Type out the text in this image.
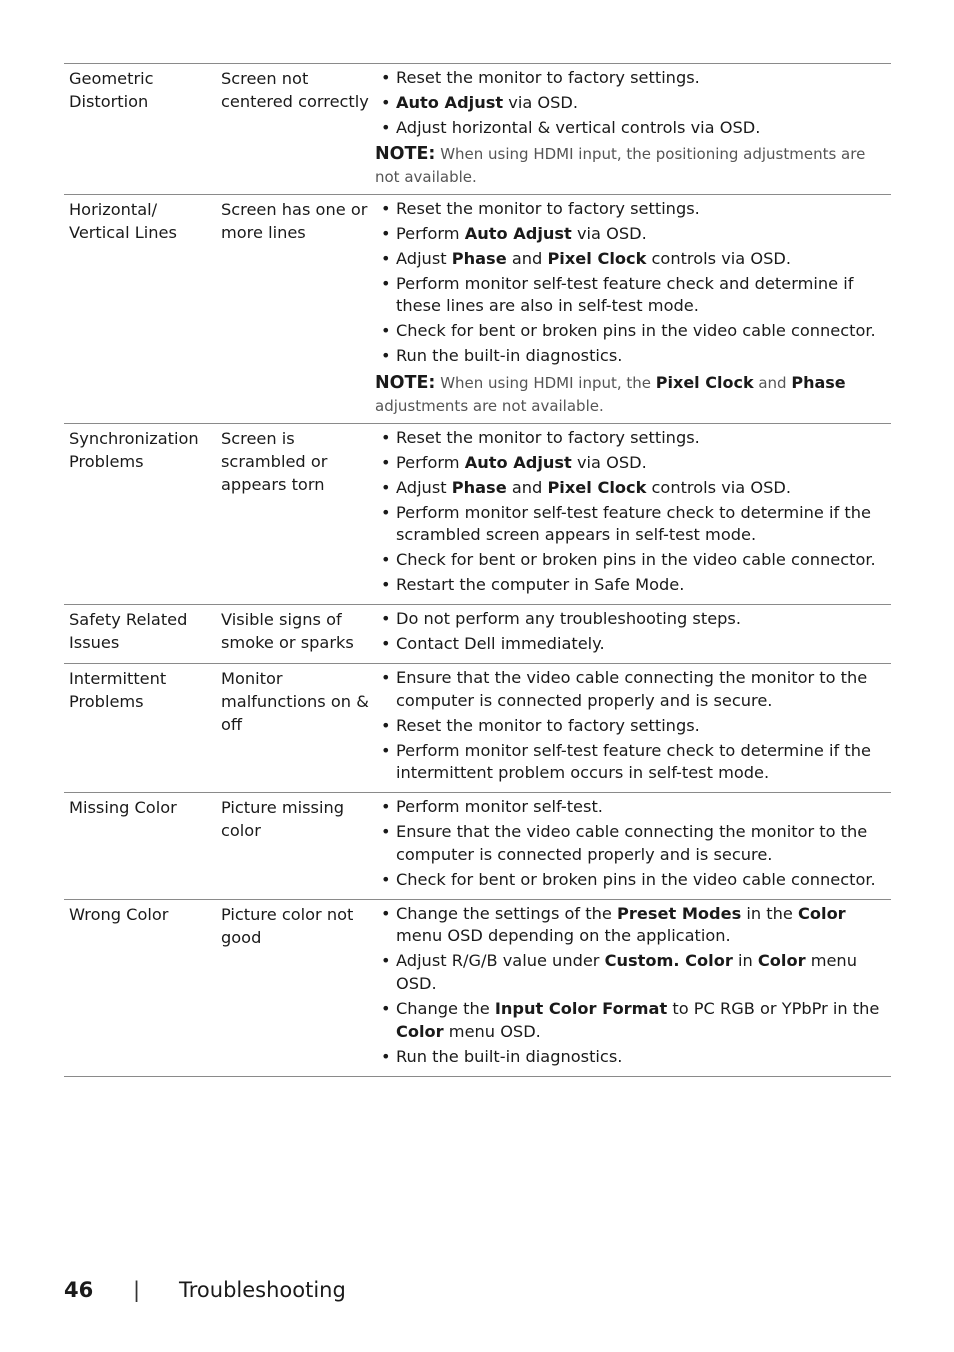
Geometric Distortion
Screen not centered correctly
• Reset the monitor to factory settings.
• Auto Adjust via OSD.
• Adjust horizontal & vertical controls via OSD.
NOTE: When using HDMI input, the positioning adjustments are not available.
Horizontal/ Vertical Lines
Screen has one or more lines
• Reset the monitor to factory settings.
• Perform Auto Adjust via OSD.
• Adjust Phase and Pixel Clock controls via OSD.
• Perform monitor self-test feature check and determine if these lines are also in self-test mode.
• Check for bent or broken pins in the video cable connector.
• Run the built-in diagnostics.
NOTE: When using HDMI input, the Pixel Clock and Phase adjustments are not available.
Synchronization Problems
Screen is scrambled or appears torn
• Reset the monitor to factory settings.
• Perform Auto Adjust via OSD.
• Adjust Phase and Pixel Clock controls via OSD.
• Perform monitor self-test feature check to determine if the scrambled screen appears in self-test mode.
• Check for bent or broken pins in the video cable connector.
• Restart the computer in Safe Mode.
Safety Related Issues
Visible signs of smoke or sparks
• Do not perform any troubleshooting steps.
• Contact Dell immediately.
Intermittent Problems
Monitor malfunctions on & off
• Ensure that the video cable connecting the monitor to the computer is connected properly and is secure.
• Reset the monitor to factory settings.
• Perform monitor self-test feature check to determine if the intermittent problem occurs in self-test mode.
Missing Color	Picture missing color
• Perform monitor self-test.
• Ensure that the video cable connecting the monitor to the computer is connected properly and is secure.
• Check for bent or broken pins in the video cable connector.
Wrong Color	Picture color not good
• Change the settings of the Preset Modes in the Color menu OSD depending on the application.
• Adjust R/G/B value under Custom. Color in Color menu OSD.
• Change the Input Color Format to PC RGB or YPbPr in the Color menu OSD.
• Run the built-in diagnostics.
46 | Troubleshooting
